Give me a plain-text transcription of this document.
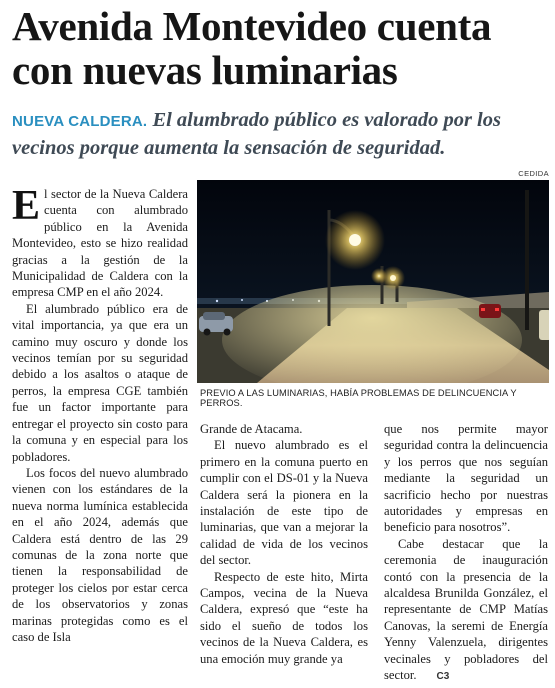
Avenida Montevideo cuenta con nuevas luminarias

NUEVA CALDERA. El alumbrado público es valorado por los vecinos porque aumenta la sensación de seguridad.

CEDIDA

PREVIO A LAS LUMINARIAS, HABÍA PROBLEMAS DE DELINCUENCIA Y PERROS.

El sector de la Nueva Caldera cuenta con alumbrado público en la Avenida Montevideo, esto se hizo realidad gracias a la gestión de la Municipalidad de Caldera con la empresa CMP en el año 2024.

El alumbrado público era de vital importancia, ya que era un camino muy oscuro y donde los vecinos temían por su seguridad debido a los asaltos o ataque de perros, la empresa CGE también fue un factor importante para entregar el proyecto sin costo para la comuna y en especial para los pobladores.

Los focos del nuevo alumbrado vienen con los estándares de la nueva norma lumínica establecida en el año 2024, además que Caldera está dentro de las 29 comunas de la zona norte que tienen la responsabilidad de proteger los cielos por estar cerca de los observatorios y zonas marinas protegidas como es el caso de Isla

Grande de Atacama.

El nuevo alumbrado es el primero en la comuna puerto en cumplir con el DS-01 y la Nueva Caldera será la pionera en la instalación de este tipo de luminarias, que van a mejorar la calidad de vida de los vecinos del sector.

Respecto de este hito, Mirta Campos, vecina de la Nueva Caldera, expresó que “este ha sido el sueño de todos los vecinos de la Nueva Caldera, es una emoción muy grande ya

que nos permite mayor seguridad contra la delincuencia y los perros que nos seguían mediante la seguridad un sacrificio hecho por nuestras autoridades y empresas en beneficio para nosotros”.

Cabe destacar que la ceremonia de inauguración contó con la presencia de la alcaldesa Brunilda González, el representante de CMP Matías Canovas, la seremi de Energía Yenny Valenzuela, dirigentes vecinales y pobladores del sector. C3
